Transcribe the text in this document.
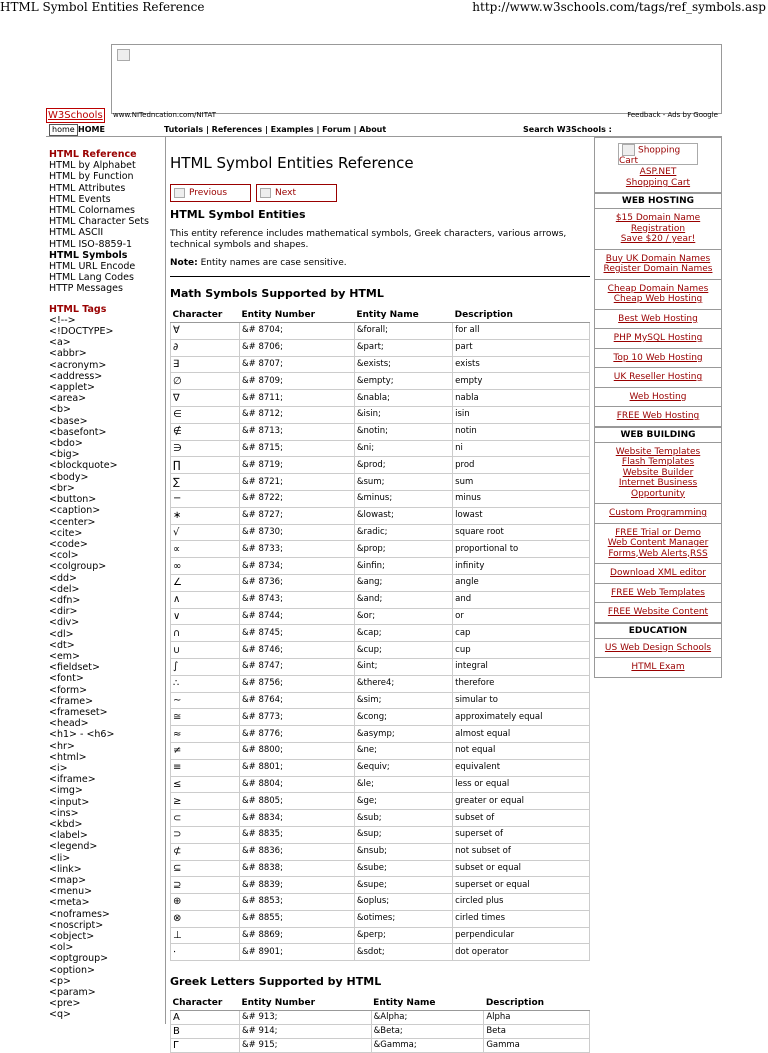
HTML Symbol Entities Reference	http://www.w3schools.com/tags/ref_symbols.asp
W3Schools www.NITedncation.com/NITAT	Feedback - Ads by Google
home HOME	Tutorials | References | Examples | Forum | About	Search W3Schools :
HTML Reference
HTML by Alphabet
HTML by Function
HTML Attributes
HTML Events
HTML Colornames
HTML Character Sets
HTML ASCII
HTML ISO-8859-1
HTML Symbols
HTML URL Encode
HTML Lang Codes
HTTP Messages
HTML Tags
<!-->
<!DOCTYPE>
<a>
<abbr>
<acronym>
<address>
<applet>
<area>
<b>
<base>
<basefont>
<bdo>
<big>
<blockquote>
<body>
<br>
<button>
<caption>
<center>
<cite>
<code>
<col>
<colgroup>
<dd>
<del>
<dfn>
<dir>
<div>
<dl>
<dt>
<em>
<fieldset>
<font>
<form>
<frame>
<frameset>
<head>
<h1> - <h6>
<hr>
<html>
<i>
<iframe>
<img>
<input>
<ins>
<kbd>
<label>
<legend>
<li>
<link>
<map>
<menu>
<meta>
<noframes>
<noscript>
<object>
<ol>
<optgroup>
<option>
<p>
<param>
<pre>
<q>
HTML Symbol Entities Reference
Previous	Next
HTML Symbol Entities
This entity reference includes mathematical symbols, Greek characters, various arrows, technical symbols and shapes.
Note: Entity names are case sensitive.
Math Symbols Supported by HTML
Character	Entity Number	Entity Name	Description
∀	&# 8704;	&forall;	for all
∂	&# 8706;	&part;	part
∃	&# 8707;	&exists;	exists
∅	&# 8709;	&empty;	empty
∇	&# 8711;	&nabla;	nabla
∈	&# 8712;	&isin;	isin
∉	&# 8713;	&notin;	notin
∋	&# 8715;	&ni;	ni
∏	&# 8719;	&prod;	prod
∑	&# 8721;	&sum;	sum
−	&# 8722;	&minus;	minus
∗	&# 8727;	&lowast;	lowast
√	&# 8730;	&radic;	square root
∝	&# 8733;	&prop;	proportional to
∞	&# 8734;	&infin;	infinity
∠	&# 8736;	&ang;	angle
∧	&# 8743;	&and;	and
∨	&# 8744;	&or;	or
∩	&# 8745;	&cap;	cap
∪	&# 8746;	&cup;	cup
∫	&# 8747;	&int;	integral
∴	&# 8756;	&there4;	therefore
∼	&# 8764;	&sim;	simular to
≅	&# 8773;	&cong;	approximately equal
≈	&# 8776;	&asymp;	almost equal
≠	&# 8800;	&ne;	not equal
≡	&# 8801;	&equiv;	equivalent
≤	&# 8804;	&le;	less or equal
≥	&# 8805;	&ge;	greater or equal
⊂	&# 8834;	&sub;	subset of
⊃	&# 8835;	&sup;	superset of
⊄	&# 8836;	&nsub;	not subset of
⊆	&# 8838;	&sube;	subset or equal
⊇	&# 8839;	&supe;	superset or equal
⊕	&# 8853;	&oplus;	circled plus
⊗	&# 8855;	&otimes;	cirled times
⊥	&# 8869;	&perp;	perpendicular
⋅	&# 8901;	&sdot;	dot operator
Greek Letters Supported by HTML
Character	Entity Number	Entity Name	Description
Α	&# 913;	&Alpha;	Alpha
Β	&# 914;	&Beta;	Beta
Γ	&# 915;	&Gamma;	Gamma
Shopping Cart
ASP.NET
Shopping Cart
WEB HOSTING
$15 Domain Name
Registration
Save $20 / year!
Buy UK Domain Names
Register Domain Names
Cheap Domain Names
Cheap Web Hosting
Best Web Hosting
PHP MySQL Hosting
Top 10 Web Hosting
UK Reseller Hosting
Web Hosting
FREE Web Hosting
WEB BUILDING
Website Templates
Flash Templates
Website Builder
Internet Business
Opportunity
Custom Programming
FREE Trial or Demo
Web Content Manager
Forms,Web Alerts,RSS
Download XML editor
FREE Web Templates
FREE Website Content
EDUCATION
US Web Design Schools
HTML Exam
